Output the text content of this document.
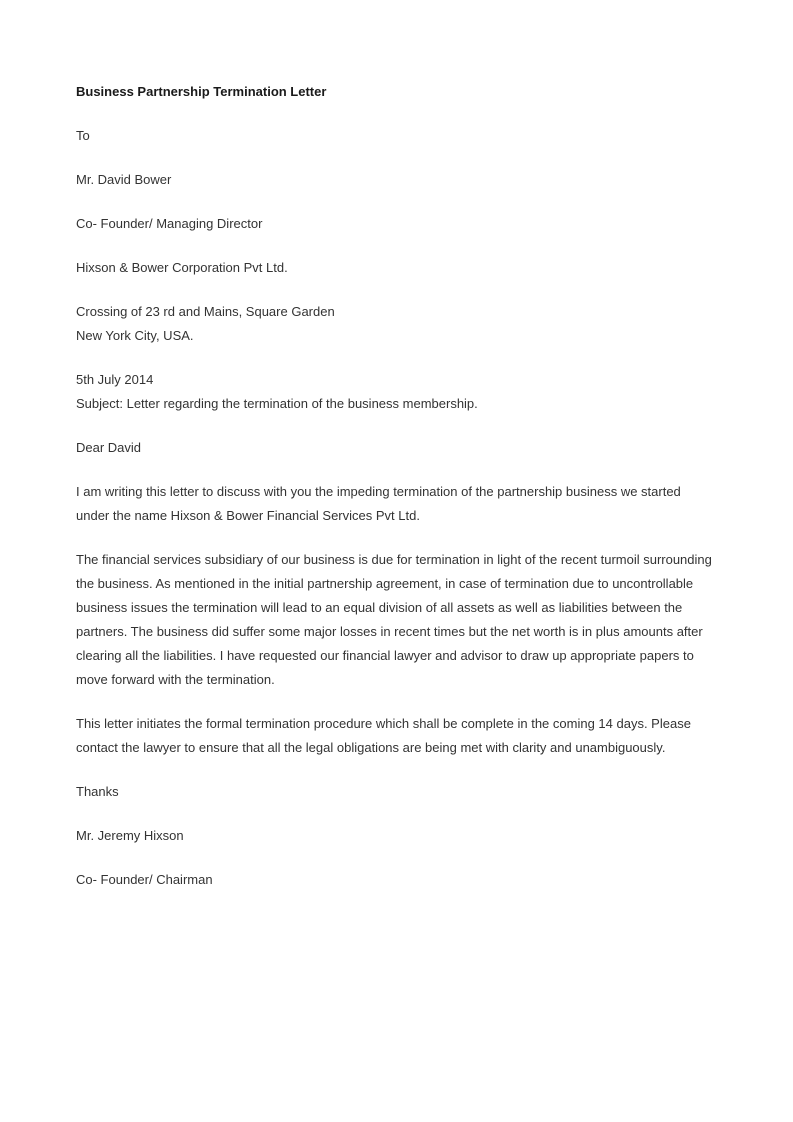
Business Partnership Termination Letter

To

Mr. David Bower

Co- Founder/ Managing Director

Hixson & Bower Corporation Pvt Ltd.

Crossing of 23 rd and Mains, Square Garden
New York City, USA.

5th July 2014
Subject: Letter regarding the termination of the business membership.

Dear David

I am writing this letter to discuss with you the impeding termination of the partnership business we started under the name Hixson & Bower Financial Services Pvt Ltd.

The financial services subsidiary of our business is due for termination in light of the recent turmoil surrounding the business. As mentioned in the initial partnership agreement, in case of termination due to uncontrollable business issues the termination will lead to an equal division of all assets as well as liabilities between the partners. The business did suffer some major losses in recent times but the net worth is in plus amounts after clearing all the liabilities. I have requested our financial lawyer and advisor to draw up appropriate papers to move forward with the termination.

This letter initiates the formal termination procedure which shall be complete in the coming 14 days. Please contact the lawyer to ensure that all the legal obligations are being met with clarity and unambiguously.

Thanks

Mr. Jeremy Hixson

Co- Founder/ Chairman
